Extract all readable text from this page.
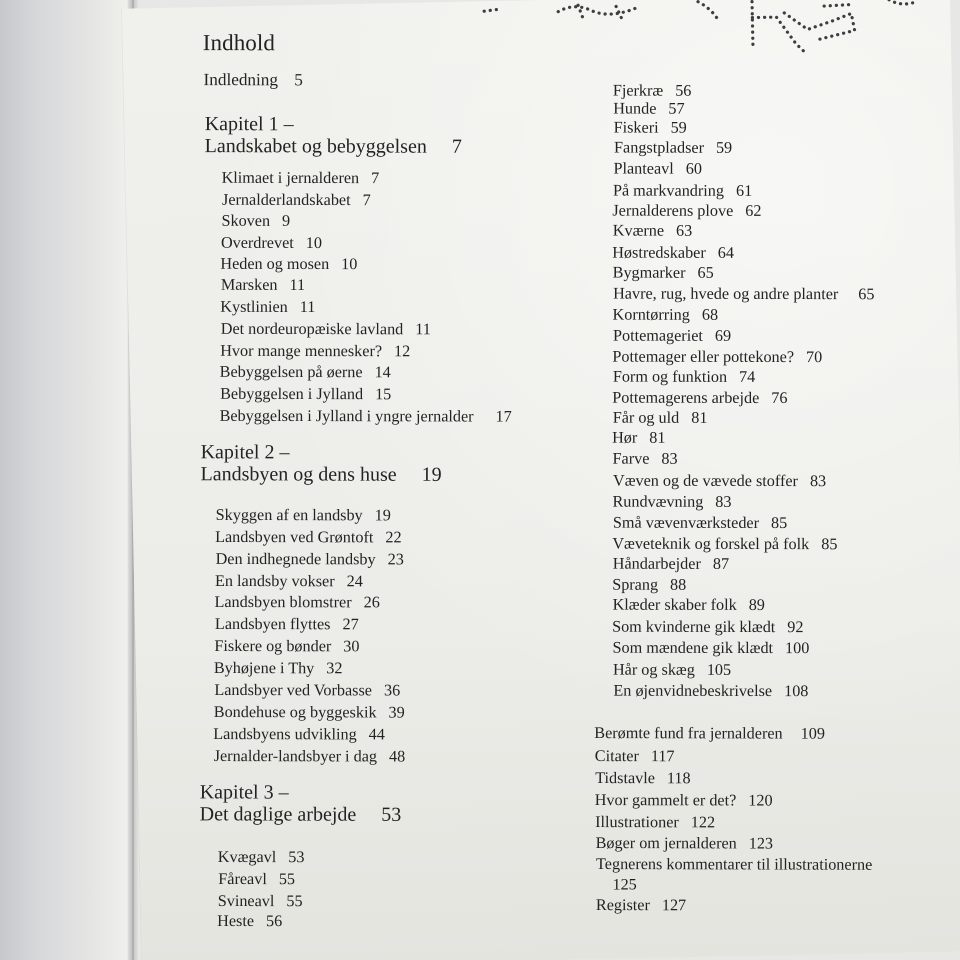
Indhold
Indledning 5
Kapitel 1 –
Landskabet og bebyggelsen 7
Klimaet i jernalderen 7
Jernalderlandskabet 7
Skoven 9
Overdrevet 10
Heden og mosen 10
Marsken 11
Kystlinien 11
Det nordeuropæiske lavland 11
Hvor mange mennesker? 12
Bebyggelsen på øerne 14
Bebyggelsen i Jylland 15
Bebyggelsen i Jylland i yngre jernalder 17
Kapitel 2 –
Landsbyen og dens huse 19
Skyggen af en landsby 19
Landsbyen ved Grøntoft 22
Den indhegnede landsby 23
En landsby vokser 24
Landsbyen blomstrer 26
Landsbyen flyttes 27
Fiskere og bønder 30
Byhøjene i Thy 32
Landsbyer ved Vorbasse 36
Bondehuse og byggeskik 39
Landsbyens udvikling 44
Jernalder-landsbyer i dag 48
Kapitel 3 –
Det daglige arbejde 53
Kvægavl 53
Fåreavl 55
Svineavl 55
Heste 56
Fjerkræ 56
Hunde 57
Fiskeri 59
Fangstpladser 59
Planteavl 60
På markvandring 61
Jernalderens plove 62
Kværne 63
Høstredskaber 64
Bygmarker 65
Havre, rug, hvede og andre planter 65
Korntørring 68
Pottemageriet 69
Pottemager eller pottekone? 70
Form og funktion 74
Pottemagerens arbejde 76
Får og uld 81
Hør 81
Farve 83
Væven og de vævede stoffer 83
Rundvævning 83
Små vævenværksteder 85
Væveteknik og forskel på folk 85
Håndarbejder 87
Sprang 88
Klæder skaber folk 89
Som kvinderne gik klædt 92
Som mændene gik klædt 100
Hår og skæg 105
En øjenvidnebeskrivelse 108
Berømte fund fra jernalderen 109
Citater 117
Tidstavle 118
Hvor gammelt er det? 120
Illustrationer 122
Bøger om jernalderen 123
Tegnerens kommentarer til illustrationerne
125
Register 127
